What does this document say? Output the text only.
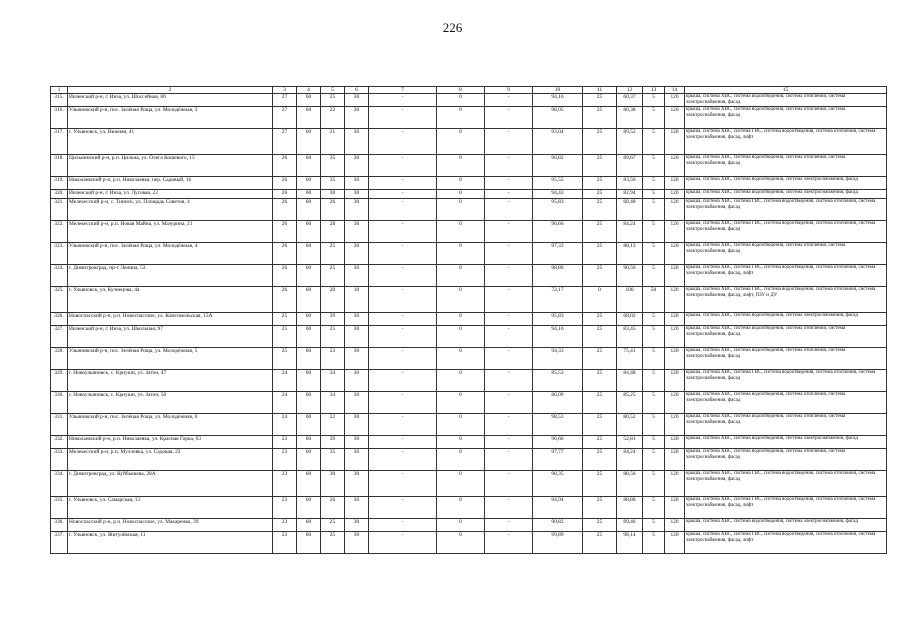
226
1	2	3	4	5	6	7	8	9	10	11	12	13	14	15
315.	Инзенский р-н, г. Инза, ул. Шоссейная, 80	27	60	25	30	-	0	-	94,16	25	60,37	5	120	крыша, система ХВС, система водоотведения, система отопления, система электроснабжения, фасад
316.	Ульяновский р-н, пос. Зелёная Роща, ул. Молодёжная, 3	27	60	22	30	-	0	-	98,05	25	80,38	5	120	крыша, система ХВС, система водоотведения, система отопления, система электроснабжения, фасад
317.	г. Ульяновск, ул. Нижняя, 41	27	60	21	30	-	0	-	93,04	25	89,52	5	120	крыша, система ХВС, система ГВС, система водоотведения, система отопления, система электроснабжения, фасад, лифт
318.	Цильнинский р-н, р.п. Цильна, ул. Олега Кошевого, 15	26	60	35	30	-	0	-	90,82	25	89,67	5	120	крыша, система ХВС, система водоотведения, система отопления, система электроснабжения, фасад
319.	Николаевский р-н, р.п. Николаевка, пер. Садовый, 16	26	60	35	30	-	0	-	95,55	25	83,56	5	120	крыша, система ХВС, система водоотведения, система электроснабжения, фасад
320.	Инзенский р-н, г. Инза, ул. Луговая, 22	26	60	30	30	-	0	-	94,43	25	82,94	5	120	крыша, система ХВС, система водоотведения, система электроснабжения, фасад
321.	Мелекесский р-н, с. Тиинск, ул. Площадь Советов, 4	26	60	26	30	-	0	-	95,83	25	68,48	5	120	крыша, система ХВС, система ГВС, система водоотведения, система отопления, система электроснабжения, фасад
322.	Мелекесский р-н, р.п. Новая Майна, ул. Мазурина, 21	26	60	28	30	-	0	-	96,66	25	84,24	5	120	крыша, система ХВС, система ГВС, система водоотведения, система отопления, система электроснабжения, фасад
323.	Ульяновский р-н, пос. Зелёная Роща, ул. Молодёжная, 4	26	60	25	30	-	0	-	97,33	25	88,13	5	120	крыша, система ХВС, система водоотведения, система отопления, система электроснабжения, фасад
324.	г. Димитровград, пр-т Ленина, 53	26	60	25	30	-	0	-	98,80	25	90,56	5	120	крыша, система ХВС, система ГВС, система водоотведения, система отопления, система электроснабжения, фасад, лифт
325.	г. Ульяновск, ул. Кузнецова, 4а	26	60	20	10	-	0	-	72,17	0	100	50	120	крыша, система ХВС, система ГВС, система водоотведения, система отопления, система электроснабжения, фасад, лифт, ПЗУ и ДУ
326.	Новоспасский р-н, р.п. Новоспасское, ул. Комсомольская, 13А	25	60	39	30	-	0	-	95,83	25	68,02	5	120	крыша, система ХВС, система водоотведения, система электроснабжения, фасад
327.	Инзенский р-н, г. Инза, ул. Школьная, 97	25	60	25	30	-	0	-	94,16	25	83,45	5	120	крыша, система ХВС, система водоотведения, система отопления, система электроснабжения, фасад
328.	Ульяновский р-н, пос. Зелёная Роща, ул. Молодёжная, 5	25	60	23	30	-	0	-	94,33	25	75,41	5	120	крыша, система ХВС, система водоотведения, система отопления, система электроснабжения, фасад
329.	г. Новоульяновск, с. Криуши, ул. Затон, 47	24	60	34	30	-	0	-	85,53	25	84,48	5	120	крыша, система ХВС, система ГВС, система водоотведения, система отопления, система электроснабжения, фасад
330.	г. Новоульяновск, с. Криуши, ул. Затон, 50	24	60	34	30	-	0	-	86,09	25	85,25	5	120	крыша, система ХВС, система водоотведения, система отопления, система электроснабжения, фасад
331.	Ульяновский р-н, пос. Зелёная Роща, ул. Молодёжная, 6	24	60	22	30	-	0	-	98,53	25	80,52	5	120	крыша, система ХВС, система водоотведения, система отопления, система электроснабжения, фасад
332.	Николаевский р-н, р.п. Николаевка, ул. Красная Горка, 63	23	60	39	30	-	0	-	96,66	25	52,81	5	120	крыша, система ХВС, система водоотведения, система электроснабжения, фасад
333.	Мелекесский р-н, р.п. Мулловка, ул. Садовая, 23	23	60	35	30	-	0	-	97,77	25	84,24	5	120	крыша, система ХВС, система водоотведения, система отопления, система электроснабжения, фасад
334.	г. Димитровград, ул. Куйбышева, 28А	23	60	30	30	-	0	-	98,35	25	88,56	5	120	крыша, система ХВС, система ГВС, система водоотведения, система отопления, система электроснабжения, фасад
335.	г. Ульяновск, ул. Самарская, 13	23	60	26	30	-	0	-	94,94	25	88,88	5	120	крыша, система ХВС, система ГВС, система водоотведения, система отопления, система электроснабжения, фасад, лифт
336.	Новоспасский р-н, р.п. Новоспасское, ул. Макаренко, 39	23	60	25	30	-	0	-	90,82	25	89,46	5	120	крыша, система ХВС, система водоотведения, система электроснабжения, фасад
337.	г. Ульяновск, ул. Жигулёвская, 11	23	60	25	30	-	0	-	99,89	25	98,14	5	120	крыша, система ХВС, система ГВС, система водоотведения, система отопления, система электроснабжения, фасад, лифт
